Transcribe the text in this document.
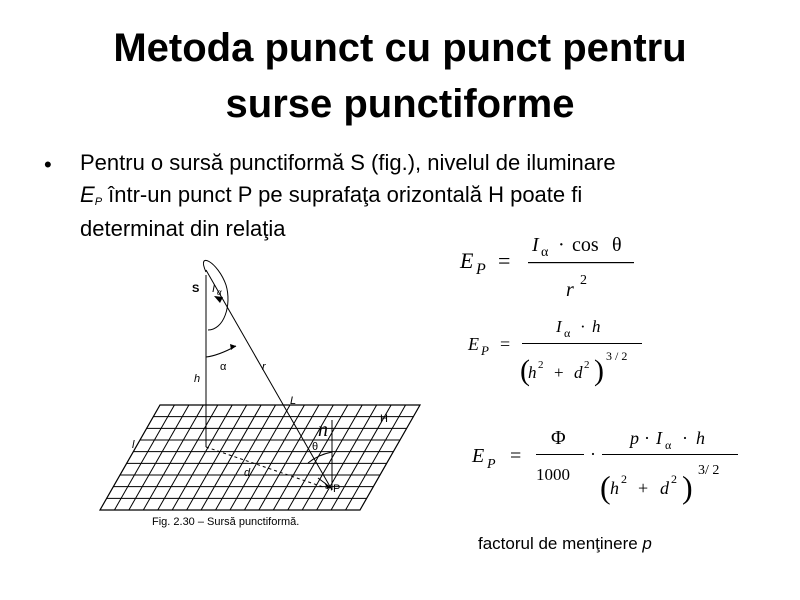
Metoda punct cu punct pentru
surse punctiforme
• Pentru o sursă punctiformă S (fig.), nivelul de iluminare
EP într-un punct P pe suprafaţa orizontală H poate fi
determinat din relaţia
S I α
α	r
h
L
H
n
θ
l
d
P
E P =
I α · cos θ
r 2
E P =
I α · h
(
h 2 + d 2 ) 3 / 2
E P =
Φ
1000
·
p · I α · h
( h 2 + d 2 ) 3/ 2
Fig. 2.30 – Sursă punctiformă.
factorul de menţinere p
